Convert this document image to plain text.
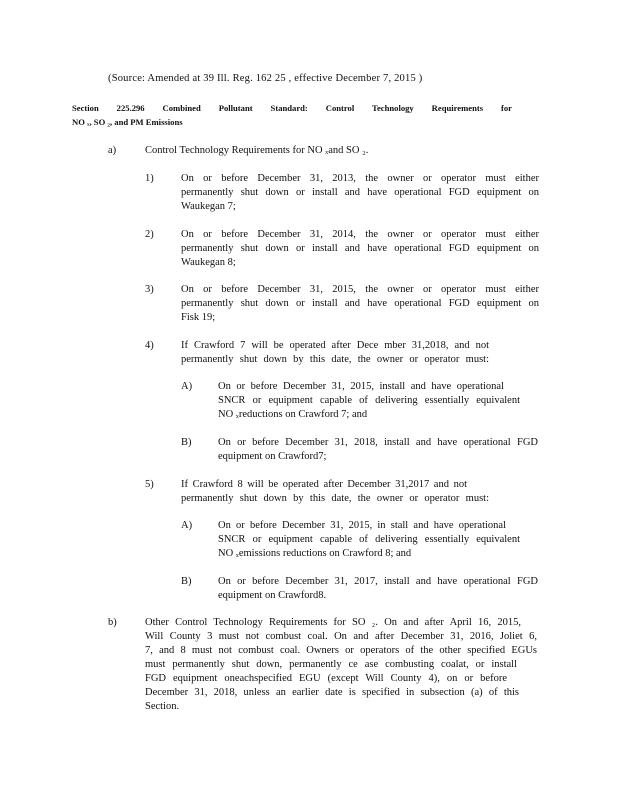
(Source: Amended at 39 Ill. Reg. 162 25 , effective December 7, 2015 )
Section 225.296 Combined Pollutant Standard: Control Technology Requirements for
NO ₓ, SO ₂, and PM Emissions
a)	Control Technology Requirements for NO ₓand SO ₂.
1)	On or before December 31, 2013, the owner or operator must either
permanently shut down or install and have operational FGD equipment on
Waukegan 7;
2)	On or before December 31, 2014, the owner or operator must either
permanently shut down or install and have operational FGD equipment on
Waukegan 8;
3)	On or before December 31, 2015, the owner or operator must either
permanently shut down or install and have operational FGD equipment on
Fisk 19;
4)	If Crawford 7 will be operated after Dece mber 31,2018, and not
permanently shut down by this date, the owner or operator must:
A)	On or before December 31, 2015, install and have operational
SNCR or equipment capable of delivering essentially equivalent
NO ₓreductions on Crawford 7; and
B)	On or before December 31, 2018, install and have operational FGD
equipment on Crawford7;
5)	If Crawford 8 will be operated after December 31,2017 and not
permanently shut down by this date, the owner or operator must:
A)	On or before December 31, 2015, in stall and have operational
SNCR or equipment capable of delivering essentially equivalent
NO ₓemissions reductions on Crawford 8; and
B)	On or before December 31, 2017, install and have operational FGD
equipment on Crawford8.
b)	Other Control Technology Requirements for SO ₂. On and after April 16, 2015,
Will County 3 must not combust coal. On and after December 31, 2016, Joliet 6,
7, and 8 must not combust coal. Owners or operators of the other specified EGUs
must permanently shut down, permanently ce ase combusting coalat, or install
FGD equipment oneachspecified EGU (except Will County 4), on or before
December 31, 2018, unless an earlier date is specified in subsection (a) of this
Section.
